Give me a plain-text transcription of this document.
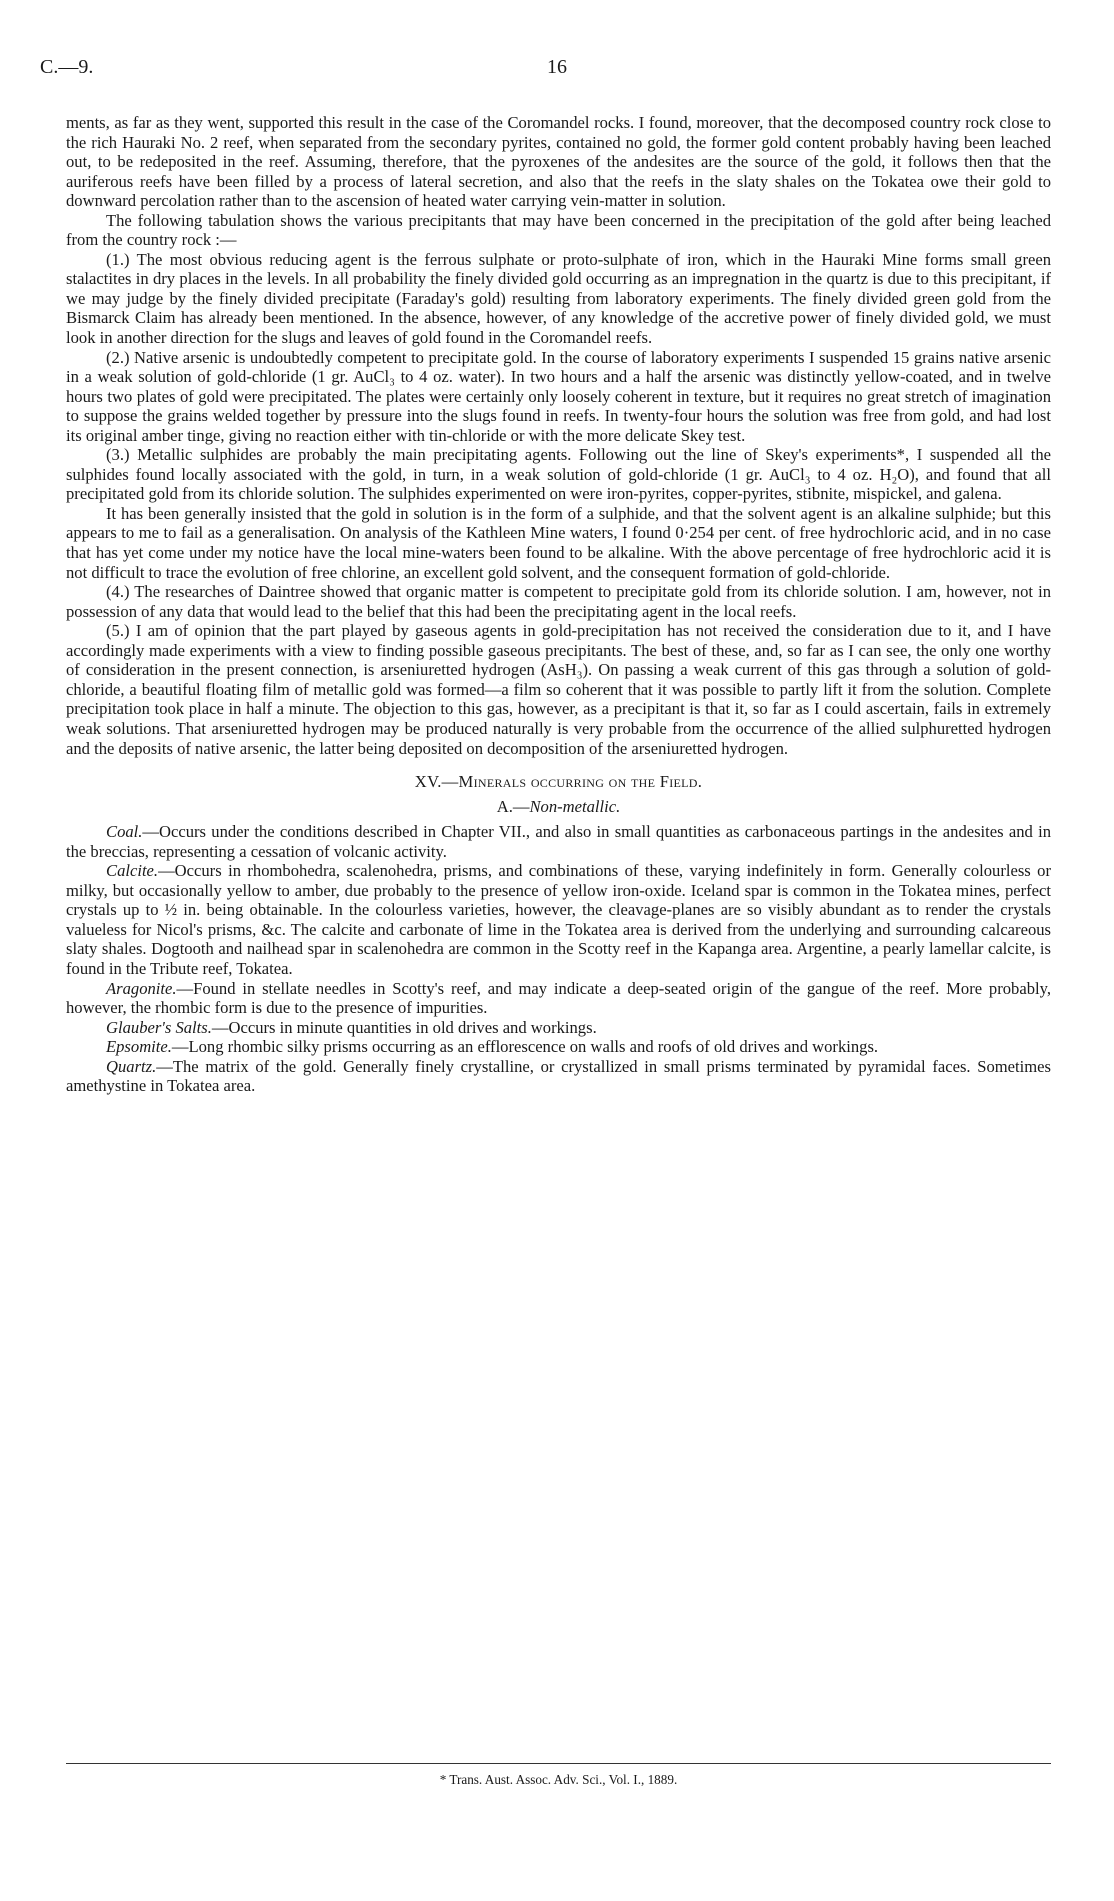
C.—9.	16

ments, as far as they went, supported this result in the case of the Coromandel rocks. I found, moreover, that the decomposed country rock close to the rich Hauraki No. 2 reef, when separated from the secondary pyrites, contained no gold, the former gold content probably having been leached out, to be redeposited in the reef. Assuming, therefore, that the pyroxenes of the andesites are the source of the gold, it follows then that the auriferous reefs have been filled by a process of lateral secretion, and also that the reefs in the slaty shales on the Tokatea owe their gold to downward percolation rather than to the ascension of heated water carrying vein-matter in solution.

The following tabulation shows the various precipitants that may have been concerned in the precipitation of the gold after being leached from the country rock :—

(1.) The most obvious reducing agent is the ferrous sulphate or proto-sulphate of iron, which in the Hauraki Mine forms small green stalactites in dry places in the levels. In all probability the finely divided gold occurring as an impregnation in the quartz is due to this precipitant, if we may judge by the finely divided precipitate (Faraday's gold) resulting from laboratory experiments. The finely divided green gold from the Bismarck Claim has already been mentioned. In the absence, however, of any knowledge of the accretive power of finely divided gold, we must look in another direction for the slugs and leaves of gold found in the Coromandel reefs.

(2.) Native arsenic is undoubtedly competent to precipitate gold. In the course of laboratory experiments I suspended 15 grains native arsenic in a weak solution of gold-chloride (1 gr. AuCl₃ to 4 oz. water). In two hours and a half the arsenic was distinctly yellow-coated, and in twelve hours two plates of gold were precipitated. The plates were certainly only loosely coherent in texture, but it requires no great stretch of imagination to suppose the grains welded together by pressure into the slugs found in reefs. In twenty-four hours the solution was free from gold, and had lost its original amber tinge, giving no reaction either with tin-chloride or with the more delicate Skey test.

(3.) Metallic sulphides are probably the main precipitating agents. Following out the line of Skey's experiments*, I suspended all the sulphides found locally associated with the gold, in turn, in a weak solution of gold-chloride (1 gr. AuCl₃ to 4 oz. H₂O), and found that all precipitated gold from its chloride solution. The sulphides experimented on were iron-pyrites, copper-pyrites, stibnite, mispickel, and galena.

It has been generally insisted that the gold in solution is in the form of a sulphide, and that the solvent agent is an alkaline sulphide; but this appears to me to fail as a generalisation. On analysis of the Kathleen Mine waters, I found 0·254 per cent. of free hydrochloric acid, and in no case that has yet come under my notice have the local mine-waters been found to be alkaline. With the above percentage of free hydrochloric acid it is not difficult to trace the evolution of free chlorine, an excellent gold solvent, and the consequent formation of gold-chloride.

(4.) The researches of Daintree showed that organic matter is competent to precipitate gold from its chloride solution. I am, however, not in possession of any data that would lead to the belief that this had been the precipitating agent in the local reefs.

(5.) I am of opinion that the part played by gaseous agents in gold-precipitation has not received the consideration due to it, and I have accordingly made experiments with a view to finding possible gaseous precipitants. The best of these, and, so far as I can see, the only one worthy of consideration in the present connection, is arseniuretted hydrogen (AsH₃). On passing a weak current of this gas through a solution of gold-chloride, a beautiful floating film of metallic gold was formed—a film so coherent that it was possible to partly lift it from the solution. Complete precipitation took place in half a minute. The objection to this gas, however, as a precipitant is that it, so far as I could ascertain, fails in extremely weak solutions. That arseniuretted hydrogen may be produced naturally is very probable from the occurrence of the allied sulphuretted hydrogen and the deposits of native arsenic, the latter being deposited on decomposition of the arseniuretted hydrogen.

XV.—Minerals occurring on the Field.
A.—Non-metallic.

Coal.—Occurs under the conditions described in Chapter VII., and also in small quantities as carbonaceous partings in the andesites and in the breccias, representing a cessation of volcanic activity.

Calcite.—Occurs in rhombohedra, scalenohedra, prisms, and combinations of these, varying indefinitely in form. Generally colourless or milky, but occasionally yellow to amber, due probably to the presence of yellow iron-oxide. Iceland spar is common in the Tokatea mines, perfect crystals up to ½ in. being obtainable. In the colourless varieties, however, the cleavage-planes are so visibly abundant as to render the crystals valueless for Nicol's prisms, &c. The calcite and carbonate of lime in the Tokatea area is derived from the underlying and surrounding calcareous slaty shales. Dogtooth and nailhead spar in scalenohedra are common in the Scotty reef in the Kapanga area. Argentine, a pearly lamellar calcite, is found in the Tribute reef, Tokatea.

Aragonite.—Found in stellate needles in Scotty's reef, and may indicate a deep-seated origin of the gangue of the reef. More probably, however, the rhombic form is due to the presence of impurities.

Glauber's Salts.—Occurs in minute quantities in old drives and workings.

Epsomite.—Long rhombic silky prisms occurring as an efflorescence on walls and roofs of old drives and workings.

Quartz.—The matrix of the gold. Generally finely crystalline, or crystallized in small prisms terminated by pyramidal faces. Sometimes amethystine in Tokatea area.

* Trans. Aust. Assoc. Adv. Sci., Vol. I., 1889.
